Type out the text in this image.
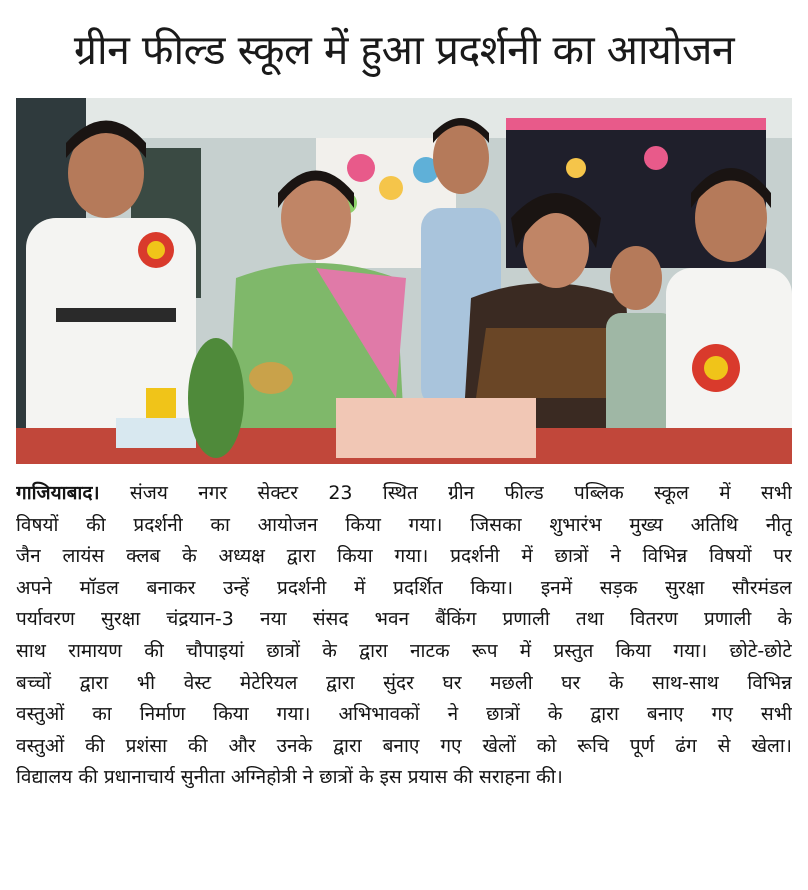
ग्रीन फील्ड स्कूल में हुआ प्रदर्शनी का आयोजन
गाजियाबाद। संजय नगर सेक्टर 23 स्थित ग्रीन फील्ड पब्लिक स्कूल में सभी
विषयों की प्रदर्शनी का आयोजन किया गया। जिसका शुभारंभ मुख्य अतिथि नीतू
जैन लायंस क्लब के अध्यक्ष द्वारा किया गया। प्रदर्शनी में छात्रों ने विभिन्न विषयों पर
अपने मॉडल बनाकर उन्हें प्रदर्शनी में प्रदर्शित किया। इनमें सड़क सुरक्षा सौरमंडल
पर्यावरण सुरक्षा चंद्रयान-3 नया संसद भवन बैंकिंग प्रणाली तथा वितरण प्रणाली के
साथ रामायण की चौपाइयां छात्रों के द्वारा नाटक रूप में प्रस्तुत किया गया। छोटे-छोटे
बच्चों द्वारा भी वेस्ट मेटेरियल द्वारा सुंदर घर मछली घर के साथ-साथ विभिन्न
वस्तुओं का निर्माण किया गया। अभिभावकों ने छात्रों के द्वारा बनाए गए सभी
वस्तुओं की प्रशंसा की और उनके द्वारा बनाए गए खेलों को रूचि पूर्ण ढंग से खेला।
विद्यालय की प्रधानाचार्य सुनीता अग्निहोत्री ने छात्रों के इस प्रयास की सराहना की।
